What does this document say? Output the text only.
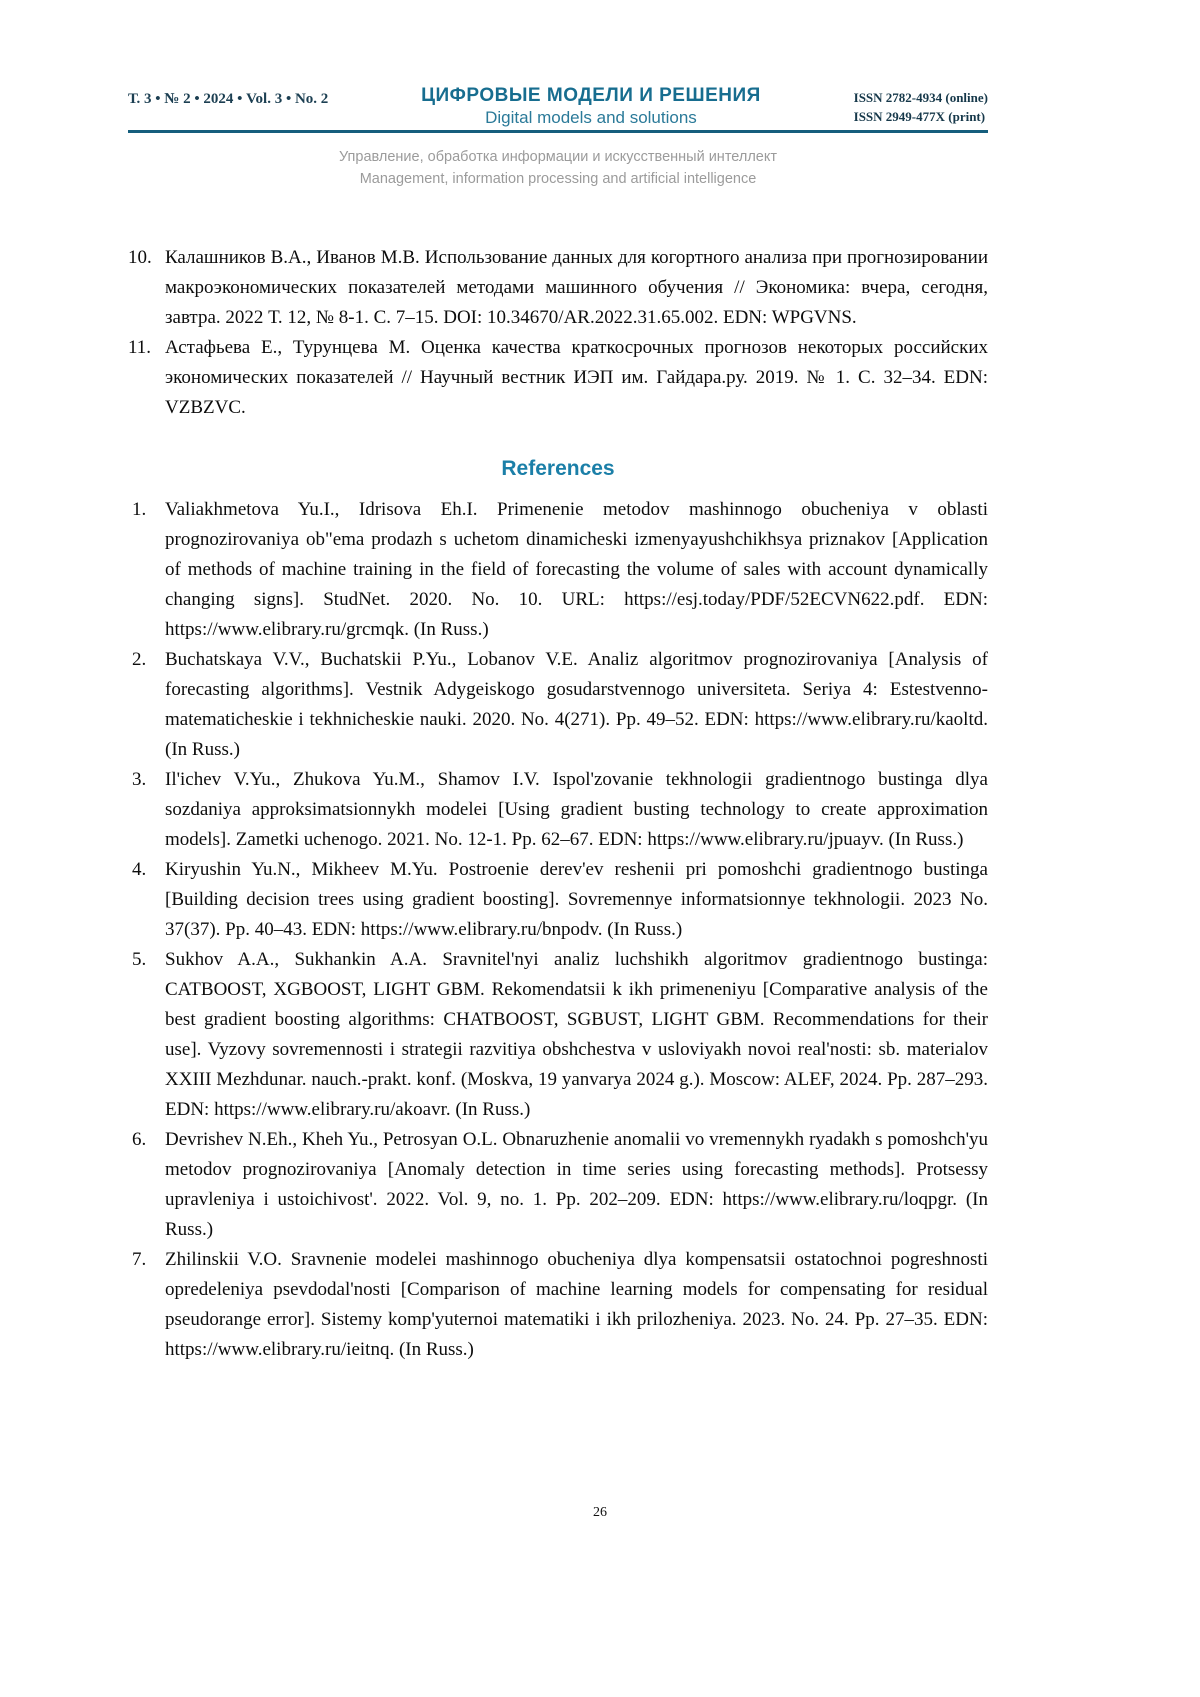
Т. 3 • № 2 • 2024 • Vol. 3 • No. 2	ЦИФРОВЫЕ МОДЕЛИ И РЕШЕНИЯ
Digital models and solutions
ISSN 2782-4934 (online)
ISSN 2949-477X (print)
Управление, обработка информации и искусственный интеллект
Management, information processing and artificial intelligence
10. Калашников В.А., Иванов М.В. Использование данных для когортного анализа при прогнозировании макроэкономических показателей методами машинного обучения // Экономика: вчера, сегодня, завтра. 2022 Т. 12, № 8-1. С. 7–15. DOI: 10.34670/AR.2022.31.65.002. EDN: WPGVNS.
11. Астафьева Е., Турунцева М. Оценка качества краткосрочных прогнозов некоторых российских экономических показателей // Научный вестник ИЭП им. Гайдара.ру. 2019. № 1. С. 32–34. EDN: VZBZVC.
References
1. Valiakhmetova Yu.I., Idrisova Eh.I. Primenenie metodov mashinnogo obucheniya v oblasti prognozirovaniya ob"ema prodazh s uchetom dinamicheski izmenyayushchikhsya priznakov [Application of methods of machine training in the field of forecasting the volume of sales with account dynamically changing signs]. StudNet. 2020. No. 10. URL: https://esj.today/PDF/52ECVN622.pdf. EDN: https://www.elibrary.ru/grcmqk. (In Russ.)
2. Buchatskaya V.V., Buchatskii P.Yu., Lobanov V.E. Analiz algoritmov prognozirovaniya [Analysis of forecasting algorithms]. Vestnik Adygeiskogo gosudarstvennogo universiteta. Seriya 4: Estestvenno-matematicheskie i tekhnicheskie nauki. 2020. No. 4(271). Pp. 49–52. EDN: https://www.elibrary.ru/kaoltd. (In Russ.)
3. Il'ichev V.Yu., Zhukova Yu.M., Shamov I.V. Ispol'zovanie tekhnologii gradientnogo bustinga dlya sozdaniya approksimatsionnykh modelei [Using gradient busting technology to create approximation models]. Zametki uchenogo. 2021. No. 12-1. Pp. 62–67. EDN: https://www.elibrary.ru/jpuayv. (In Russ.)
4. Kiryushin Yu.N., Mikheev M.Yu. Postroenie derev'ev reshenii pri pomoshchi gradientnogo bustinga [Building decision trees using gradient boosting]. Sovremennye informatsionnye tekhnologii. 2023 No. 37(37). Pp. 40–43. EDN: https://www.elibrary.ru/bnpodv. (In Russ.)
5. Sukhov A.A., Sukhankin A.A. Sravnitel'nyi analiz luchshikh algoritmov gradientnogo bustinga: CATBOOST, XGBOOST, LIGHT GBM. Rekomendatsii k ikh primeneniyu [Comparative analysis of the best gradient boosting algorithms: CHATBOOST, SGBUST, LIGHT GBM. Recommendations for their use]. Vyzovy sovremennosti i strategii razvitiya obshchestva v usloviyakh novoi real'nosti: sb. materialov XXIII Mezhdunar. nauch.-prakt. konf. (Moskva, 19 yanvarya 2024 g.). Moscow: ALEF, 2024. Pp. 287–293. EDN: https://www.elibrary.ru/akoavr. (In Russ.)
6. Devrishev N.Eh., Kheh Yu., Petrosyan O.L. Obnaruzhenie anomalii vo vremennykh ryadakh s pomoshch'yu metodov prognozirovaniya [Anomaly detection in time series using forecasting methods]. Protsessy upravleniya i ustoichivost'. 2022. Vol. 9, no. 1. Pp. 202–209. EDN: https://www.elibrary.ru/loqpgr. (In Russ.)
7. Zhilinskii V.O. Sravnenie modelei mashinnogo obucheniya dlya kompensatsii ostatochnoi pogreshnosti opredeleniya psevdodal'nosti [Comparison of machine learning models for compensating for residual pseudorange error]. Sistemy komp'yuternoi matematiki i ikh prilozheniya. 2023. No. 24. Pp. 27–35. EDN: https://www.elibrary.ru/ieitnq. (In Russ.)
26
